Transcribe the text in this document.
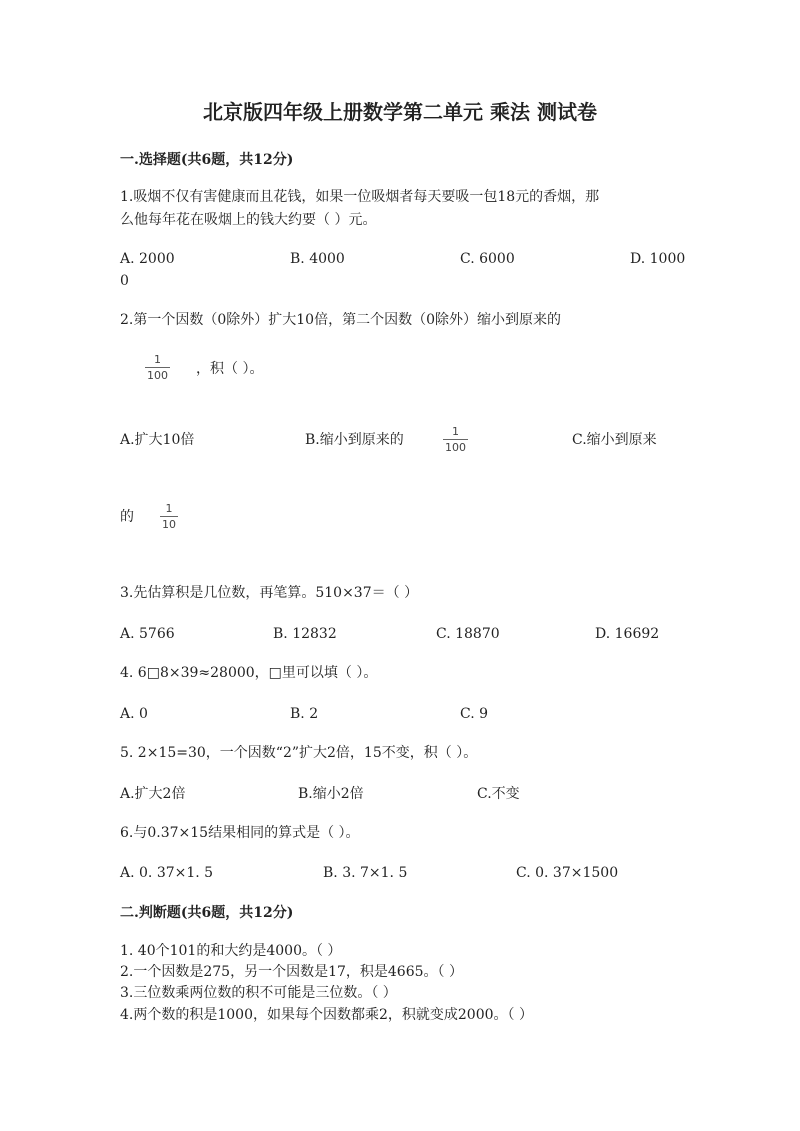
北京版四年级上册数学第二单元 乘法 测试卷
一.选择题(共6题，共12分)
1.吸烟不仅有害健康而且花钱，如果一位吸烟者每天要吸一包18元的香烟，那
么他每年花在吸烟上的钱大约要（ ）元。
A. 2000	B. 4000	C. 6000	D. 1000
0
2.第一个因数（0除外）扩大10倍，第二个因数（0除外）缩小到原来的
1
100 ，积（ ）。
A.扩大10倍	B.缩小到原来的
1
100	C.缩小到原来
的
1
10
3.先估算积是几位数，再笔算。510×37＝（ ）
A. 5766	B. 12832	C. 18870	D. 16692
4. 6□8×39≈28000，□里可以填（ ）。
A. 0	B. 2	C. 9
5. 2×15=30，一个因数“2”扩大2倍，15不变，积（ ）。
A.扩大2倍	B.缩小2倍	C.不变
6.与0.37×15结果相同的算式是（ ）。
A. 0. 37×1. 5	B. 3. 7×1. 5	C. 0. 37×1500
二.判断题(共6题，共12分)
1. 40个101的和大约是4000。（ ）
2.一个因数是275，另一个因数是17，积是4665。（ ）
3.三位数乘两位数的积不可能是三位数。（ ）
4.两个数的积是1000，如果每个因数都乘2，积就变成2000。（ ）
